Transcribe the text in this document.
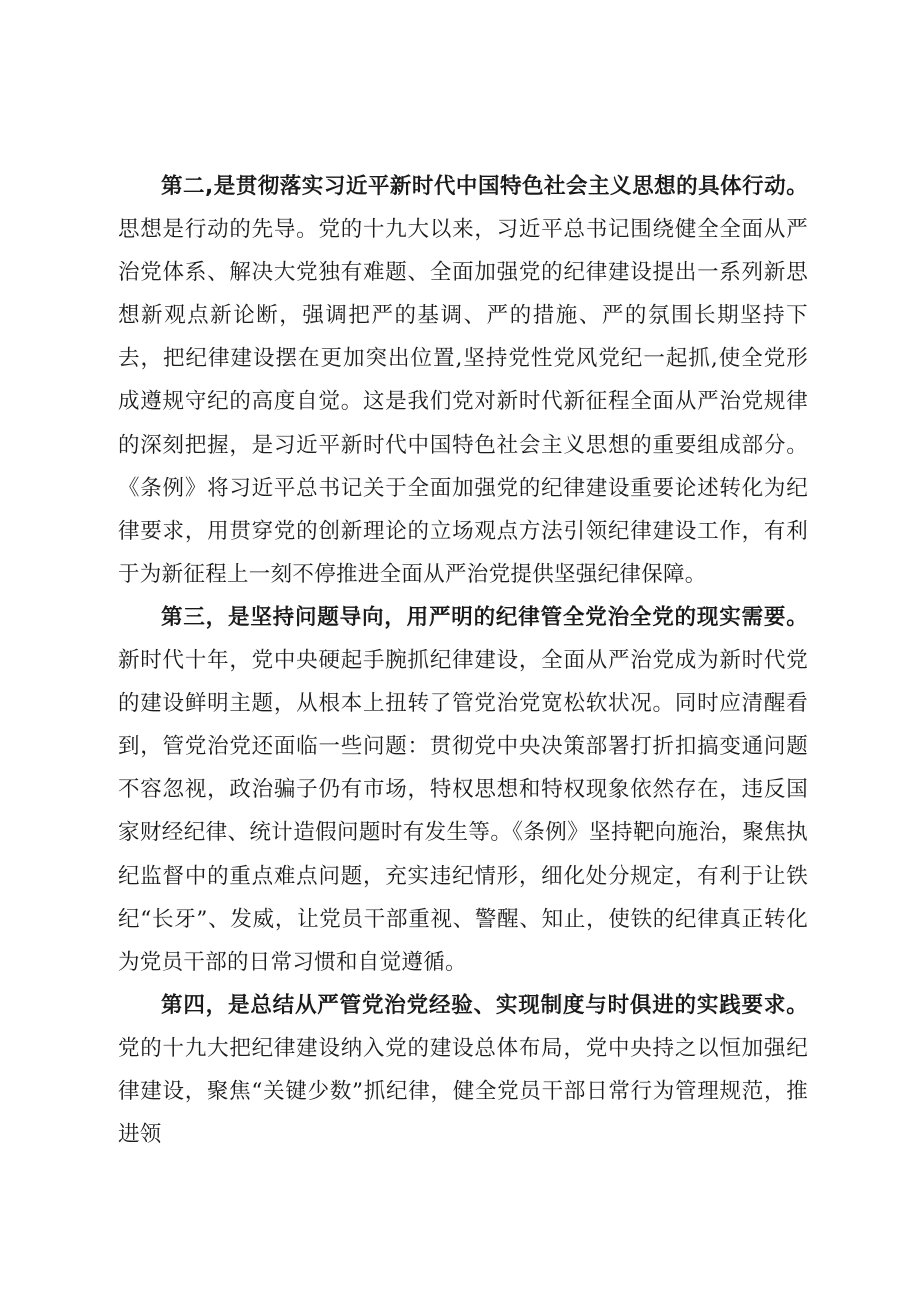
第二,是贯彻落实习近平新时代中国特色社会主义思想的具体行动。思想是行动的先导。党的十九大以来，习近平总书记围绕健全全面从严治党体系、解决大党独有难题、全面加强党的纪律建设提出一系列新思想新观点新论断，强调把严的基调、严的措施、严的氛围长期坚持下去，把纪律建设摆在更加突出位置,坚持党性党风党纪一起抓,使全党形成遵规守纪的高度自觉。这是我们党对新时代新征程全面从严治党规律的深刻把握，是习近平新时代中国特色社会主义思想的重要组成部分。《条例》将习近平总书记关于全面加强党的纪律建设重要论述转化为纪律要求，用贯穿党的创新理论的立场观点方法引领纪律建设工作，有利于为新征程上一刻不停推进全面从严治党提供坚强纪律保障。

第三，是坚持问题导向，用严明的纪律管全党治全党的现实需要。新时代十年，党中央硬起手腕抓纪律建设，全面从严治党成为新时代党的建设鲜明主题，从根本上扭转了管党治党宽松软状况。同时应清醒看到，管党治党还面临一些问题：贯彻党中央决策部署打折扣搞变通问题不容忽视，政治骗子仍有市场，特权思想和特权现象依然存在，违反国家财经纪律、统计造假问题时有发生等。《条例》坚持靶向施治，聚焦执纪监督中的重点难点问题，充实违纪情形，细化处分规定，有利于让铁纪“长牙”、发威，让党员干部重视、警醒、知止，使铁的纪律真正转化为党员干部的日常习惯和自觉遵循。

第四，是总结从严管党治党经验、实现制度与时俱进的实践要求。党的十九大把纪律建设纳入党的建设总体布局，党中央持之以恒加强纪律建设，聚焦“关键少数”抓纪律，健全党员干部日常行为管理规范，推进领
